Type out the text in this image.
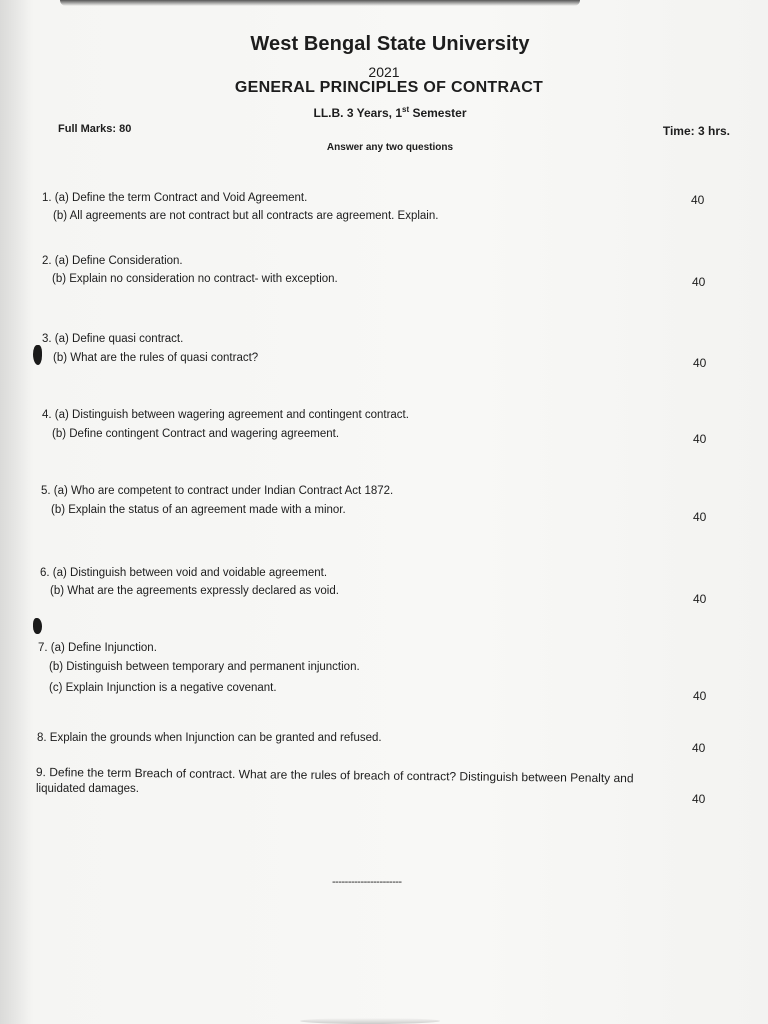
West Bengal State University
2021
GENERAL PRINCIPLES OF CONTRACT
LL.B. 3 Years, 1st Semester
Full Marks: 80	Time: 3 hrs.
Answer any two questions
1. (a) Define the term Contract and Void Agreement.
(b) All agreements are not contract but all contracts are agreement. Explain.
40
2. (a) Define Consideration.
(b) Explain no consideration no contract- with exception.	40
3. (a) Define quasi contract.
(b) What are the rules of quasi contract?	40
4. (a) Distinguish between wagering agreement and contingent contract.
(b) Define contingent Contract and wagering agreement.	40
5. (a) Who are competent to contract under Indian Contract Act 1872.
(b) Explain the status of an agreement made with a minor.	40
6. (a) Distinguish between void and voidable agreement.
(b) What are the agreements expressly declared as void.
40
7. (a) Define Injunction.
(b) Distinguish between temporary and permanent injunction.
(c) Explain Injunction is a negative covenant.
40
8. Explain the grounds when Injunction can be granted and refused.
40
9. Define the term Breach of contract. What are the rules of breach of contract? Distinguish between Penalty and
liquidated damages.
40
----------------------
